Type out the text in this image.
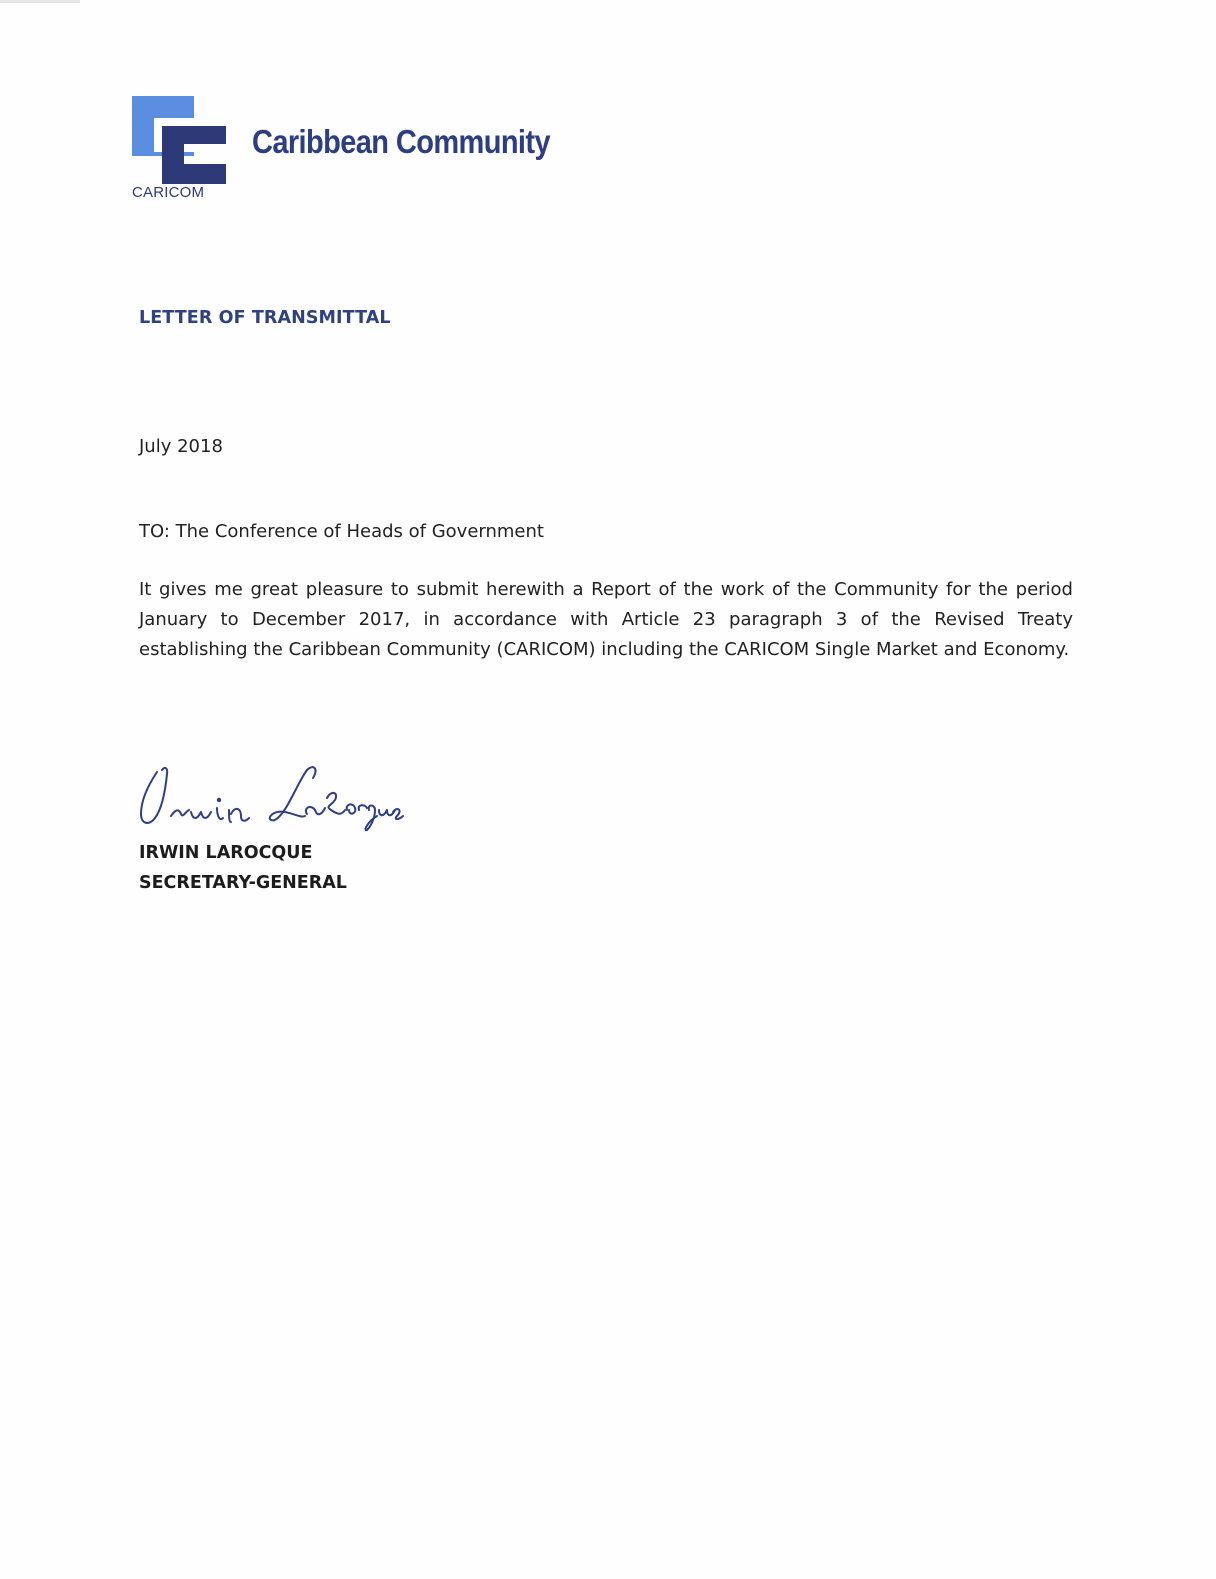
CARICOM
Caribbean Community
LETTER OF TRANSMITTAL
July 2018
TO: The Conference of Heads of Government
It gives me great pleasure to submit herewith a Report of the work of the Community for the period January to December 2017, in accordance with Article 23 paragraph 3 of the Revised Treaty establishing the Caribbean Community (CARICOM) including the CARICOM Single Market and Economy.
IRWIN LAROCQUE
SECRETARY-GENERAL
